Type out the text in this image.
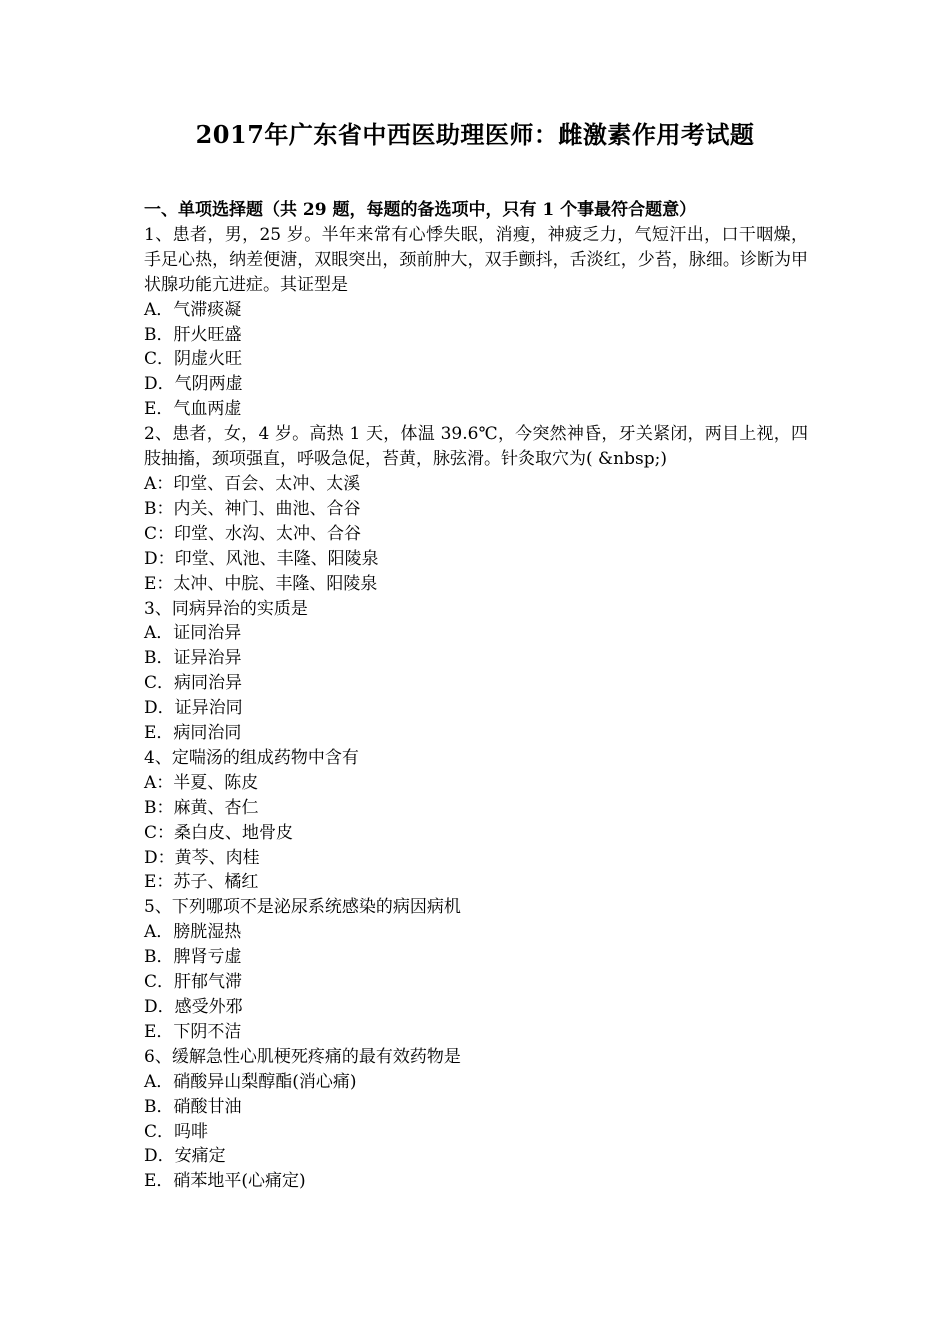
2017年广东省中西医助理医师：雌激素作用考试题
一、单项选择题（共 29 题，每题的备选项中，只有 1 个事最符合题意）
1、患者，男，25 岁。半年来常有心悸失眠，消瘦，神疲乏力，气短汗出，口干咽燥，手足心热，纳差便溏，双眼突出，颈前肿大，双手颤抖，舌淡红，少苔，脉细。诊断为甲状腺功能亢进症。其证型是
A．气滞痰凝
B．肝火旺盛
C．阴虚火旺
D．气阴两虚
E．气血两虚
2、患者，女，4 岁。高热 1 天，体温 39.6℃，今突然神昏，牙关紧闭，两目上视，四肢抽搐，颈项强直，呼吸急促，苔黄，脉弦滑。针灸取穴为( &nbsp;)
A：印堂、百会、太冲、太溪
B：内关、神门、曲池、合谷
C：印堂、水沟、太冲、合谷
D：印堂、风池、丰隆、阳陵泉
E：太冲、中脘、丰隆、阳陵泉
3、同病异治的实质是
A．证同治异
B．证异治异
C．病同治异
D．证异治同
E．病同治同
4、定喘汤的组成药物中含有
A：半夏、陈皮
B：麻黄、杏仁
C：桑白皮、地骨皮
D：黄芩、肉桂
E：苏子、橘红
5、下列哪项不是泌尿系统感染的病因病机
A．膀胱湿热
B．脾肾亏虚
C．肝郁气滞
D．感受外邪
E．下阴不洁
6、缓解急性心肌梗死疼痛的最有效药物是
A．硝酸异山梨醇酯(消心痛)
B．硝酸甘油
C．吗啡
D．安痛定
E．硝苯地平(心痛定)
